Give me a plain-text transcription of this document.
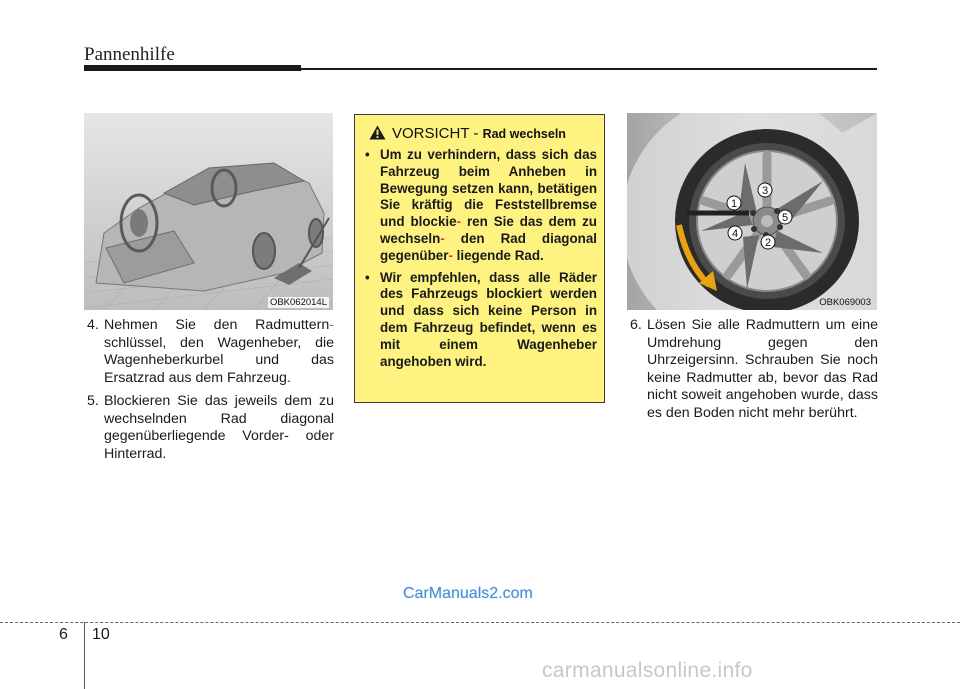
Pannenhilfe
OBK062014L
4. Nehmen Sie den Radmuttern- schlüssel, den Wagenheber, die Wagenheberkurbel und das Ersatzrad aus dem Fahrzeug.
5. Blockieren Sie das jeweils dem zu wechselnden Rad diagonal gegenüberliegende Vorder- oder Hinterrad.
VORSICHT - Rad wechseln
• Um zu verhindern, dass sich das Fahrzeug beim Anheben in Bewegung setzen kann, betätigen Sie kräftig die Feststellbremse und blockie- ren Sie das dem zu wechseln- den Rad diagonal gegenüber- liegende Rad.
• Wir empfehlen, dass alle Räder des Fahrzeugs blockiert werden und dass sich keine Person in dem Fahrzeug befindet, wenn es mit einem Wagenheber angehoben wird.
1
2
3
4
5
OBK069003
6. Lösen Sie alle Radmuttern um eine Umdrehung gegen den Uhrzeigersinn. Schrauben Sie noch keine Radmutter ab, bevor das Rad nicht soweit angehoben wurde, dass es den Boden nicht mehr berührt.
CarManuals2.com
6 10
carmanualsonline.info
